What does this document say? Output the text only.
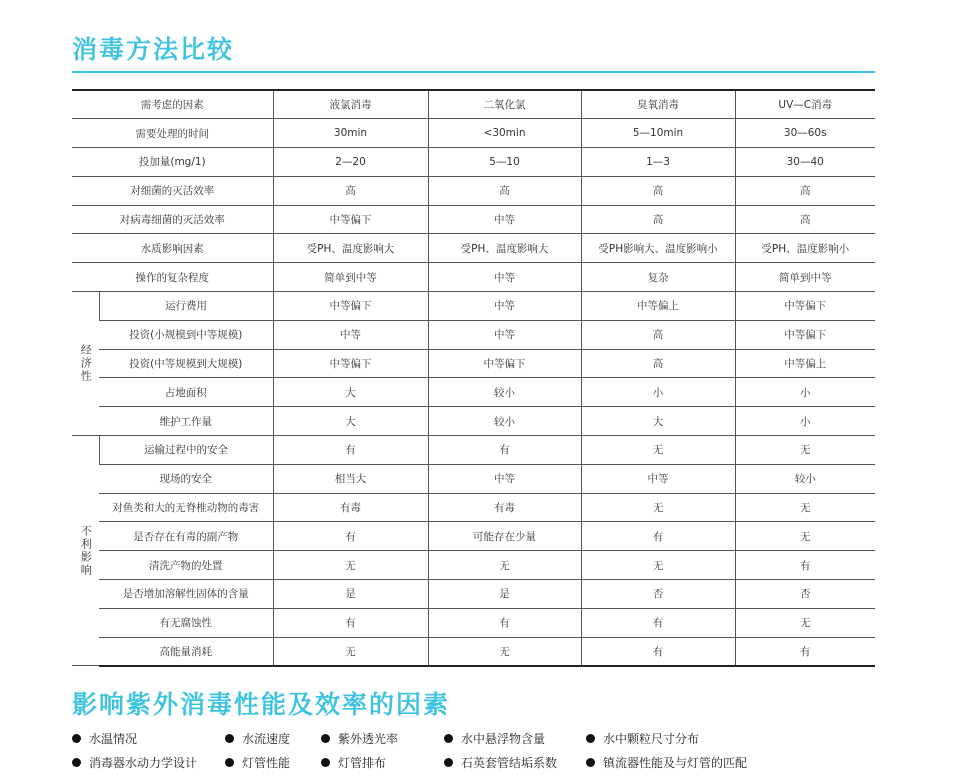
消毒方法比较
需考虑的因素		液氯消毒	二氧化氯	臭氧消毒	UV—C消毒
需要处理的时间		30min	<30min	5—10min	30—60s
投加量(mg/1)		2—20	5—10	1—3	30—40
对细菌的灭活效率		高	高	高	高
对病毒细菌的灭活效率		中等偏下	中等	高	高
水质影响因素		受PH、温度影响大	受PH、温度影响大	受PH影响大、温度影响小	受PH、温度影响小
操作的复杂程度		简单到中等	中等	复杂	简单到中等
经济性	运行费用	中等偏下	中等	中等偏上	中等偏下
	投资(小规模到中等规模)	中等	中等	高	中等偏下
	投资(中等规模到大规模)	中等偏下	中等偏下	高	中等偏上
	占地面积	大	较小	小	小
	维护工作量	大	较小	大	小
不利影响	运输过程中的安全	有	有	无	无
	现场的安全	相当大	中等	中等	较小
	对鱼类和大的无脊椎动物的毒害	有毒	有毒	无	无
	是否存在有毒的副产物	有	可能存在少量	有	无
	清洗产物的处置	无	无	无	有
	是否增加溶解性固体的含量	是	是	否	否
	有无腐蚀性	有	有	有	无
	高能量消耗	无	无	有	有
影响紫外消毒性能及效率的因素
水温情况	水流速度	紫外透光率	水中悬浮物含量	水中颗粒尺寸分布
消毒器水动力学设计	灯管性能	灯管排布	石英套管结垢系数	镇流器性能及与灯管的匹配
